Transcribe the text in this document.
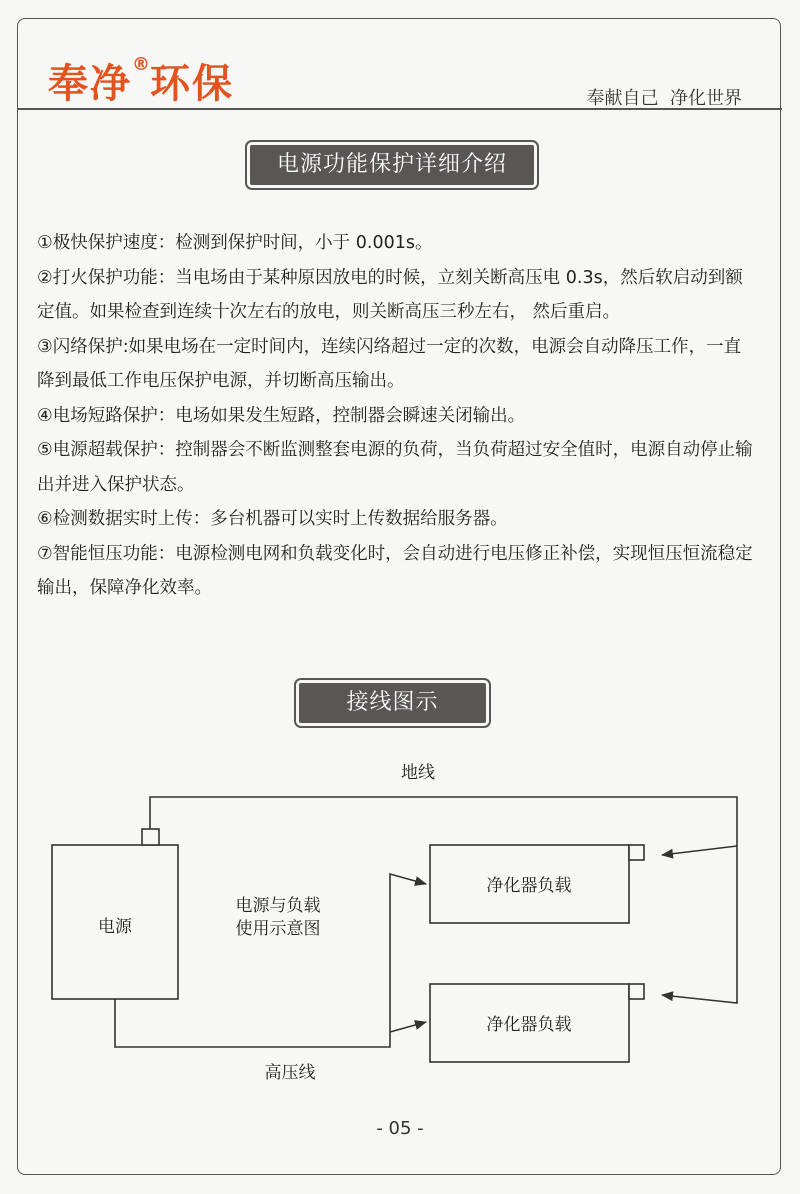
奉净®环保	奉献自己  净化世界
电源功能保护详细介绍

①极快保护速度：检测到保护时间，小于 0.001s。

②打火保护功能：当电场由于某种原因放电的时候，立刻关断高压电 0.3s，然后软启动到额定值。如果检查到连续十次左右的放电，则关断高压三秒左右， 然后重启。

③闪络保护:如果电场在一定时间内，连续闪络超过一定的次数，电源会自动降压工作，一直降到最低工作电压保护电源，并切断高压输出。

④电场短路保护：电场如果发生短路，控制器会瞬速关闭输出。

⑤电源超载保护：控制器会不断监测整套电源的负荷，当负荷超过安全值时，电源自动停止输出并进入保护状态。

⑥检测数据实时上传：多台机器可以实时上传数据给服务器。

⑦智能恒压功能：电源检测电网和负载变化时，会自动进行电压修正补偿，实现恒压恒流稳定输出，保障净化效率。

接线图示
地线
高压线
电源
电源与负载
使用示意图
净化器负载
净化器负载
- 05 -
